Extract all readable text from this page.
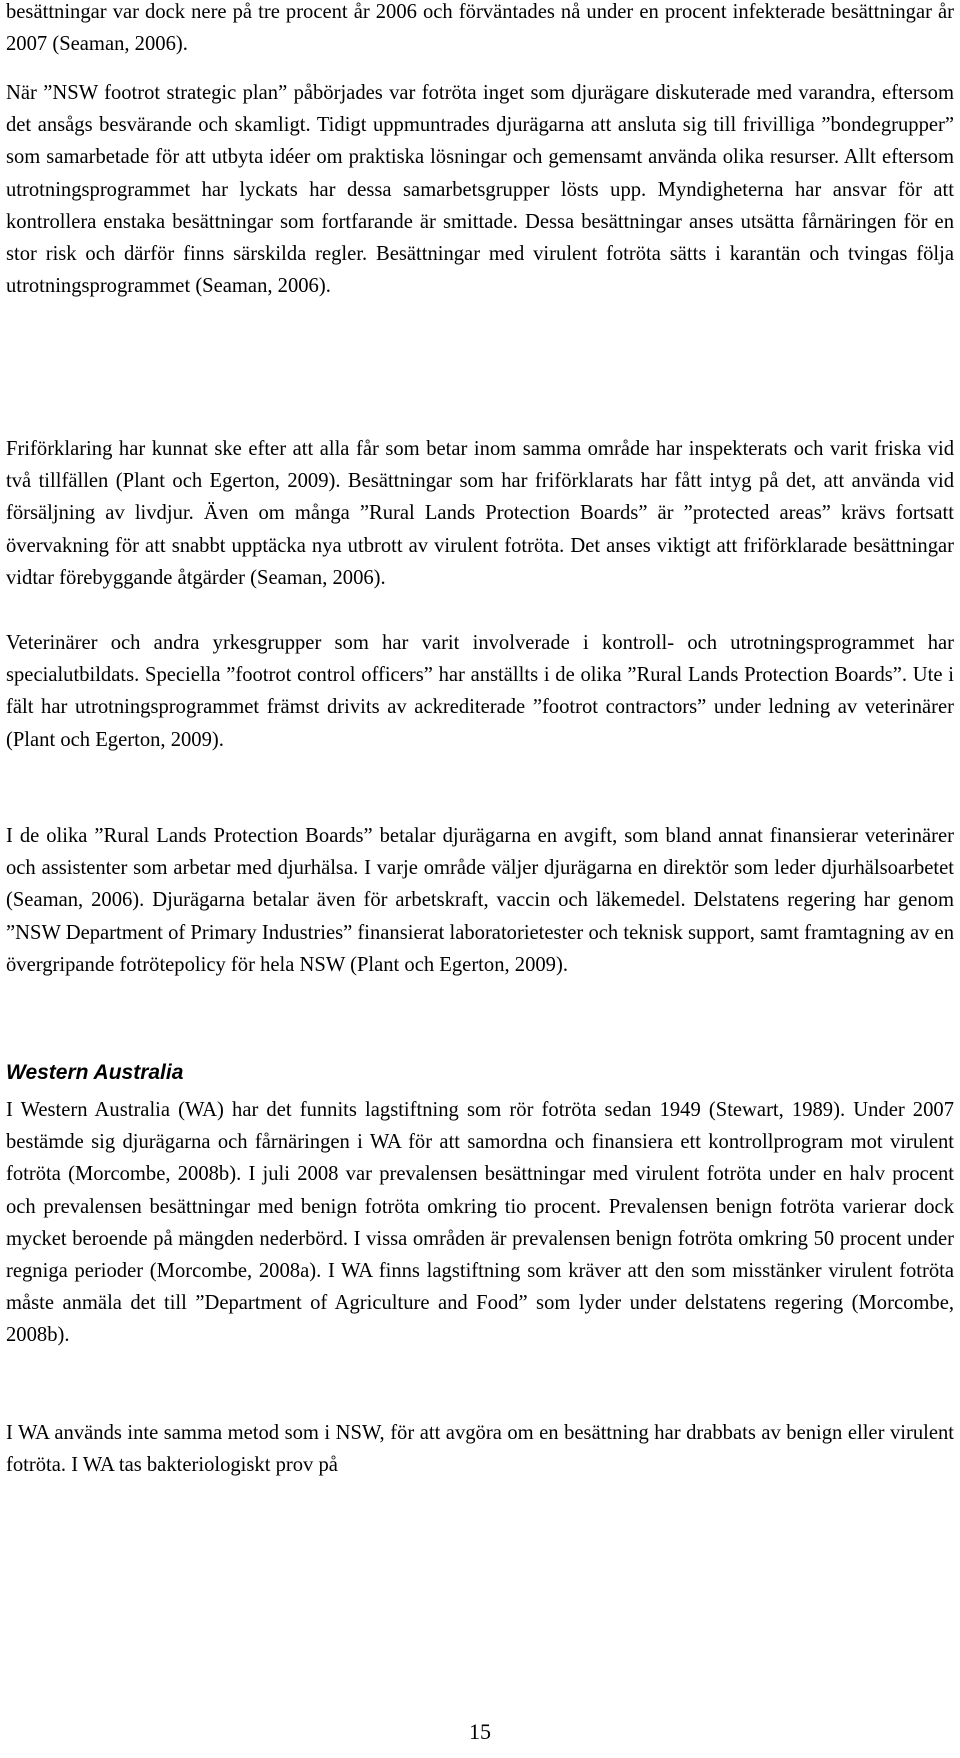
besättningar var dock nere på tre procent år 2006 och förväntades nå under en procent infekterade besättningar år 2007 (Seaman, 2006).

När ”NSW footrot strategic plan” påbörjades var fotröta inget som djurägare diskuterade med varandra, eftersom det ansågs besvärande och skamligt. Tidigt uppmuntrades djurägarna att ansluta sig till frivilliga ”bondegrupper” som samarbetade för att utbyta idéer om praktiska lösningar och gemensamt använda olika resurser. Allt eftersom utrotningsprogrammet har lyckats har dessa samarbetsgrupper lösts upp. Myndigheterna har ansvar för att kontrollera enstaka besättningar som fortfarande är smittade. Dessa besättningar anses utsätta fårnäringen för en stor risk och därför finns särskilda regler. Besättningar med virulent fotröta sätts i karantän och tvingas följa utrotningsprogrammet (Seaman, 2006).

Friförklaring har kunnat ske efter att alla får som betar inom samma område har inspekterats och varit friska vid två tillfällen (Plant och Egerton, 2009). Besättningar som har friförklarats har fått intyg på det, att använda vid försäljning av livdjur. Även om många ”Rural Lands Protection Boards” är ”protected areas” krävs fortsatt övervakning för att snabbt upptäcka nya utbrott av virulent fotröta. Det anses viktigt att friförklarade besättningar vidtar förebyggande åtgärder (Seaman, 2006).

Veterinärer och andra yrkesgrupper som har varit involverade i kontroll- och utrotningsprogrammet har specialutbildats. Speciella ”footrot control officers” har anställts i de olika ”Rural Lands Protection Boards”. Ute i fält har utrotningsprogrammet främst drivits av ackrediterade ”footrot contractors” under ledning av veterinärer (Plant och Egerton, 2009).

I de olika ”Rural Lands Protection Boards” betalar djurägarna en avgift, som bland annat finansierar veterinärer och assistenter som arbetar med djurhälsa. I varje område väljer djurägarna en direktör som leder djurhälsoarbetet (Seaman, 2006). Djurägarna betalar även för arbetskraft, vaccin och läkemedel. Delstatens regering har genom ”NSW Department of Primary Industries” finansierat laboratorietester och teknisk support, samt framtagning av en övergripande fotrötepolicy för hela NSW (Plant och Egerton, 2009).

Western Australia

I Western Australia (WA) har det funnits lagstiftning som rör fotröta sedan 1949 (Stewart, 1989). Under 2007 bestämde sig djurägarna och fårnäringen i WA för att samordna och finansiera ett kontrollprogram mot virulent fotröta (Morcombe, 2008b). I juli 2008 var prevalensen besättningar med virulent fotröta under en halv procent och prevalensen besättningar med benign fotröta omkring tio procent. Prevalensen benign fotröta varierar dock mycket beroende på mängden nederbörd. I vissa områden är prevalensen benign fotröta omkring 50 procent under regniga perioder (Morcombe, 2008a). I WA finns lagstiftning som kräver att den som misstänker virulent fotröta måste anmäla det till ”Department of Agriculture and Food” som lyder under delstatens regering (Morcombe, 2008b).

I WA används inte samma metod som i NSW, för att avgöra om en besättning har drabbats av benign eller virulent fotröta. I WA tas bakteriologiskt prov på

15
